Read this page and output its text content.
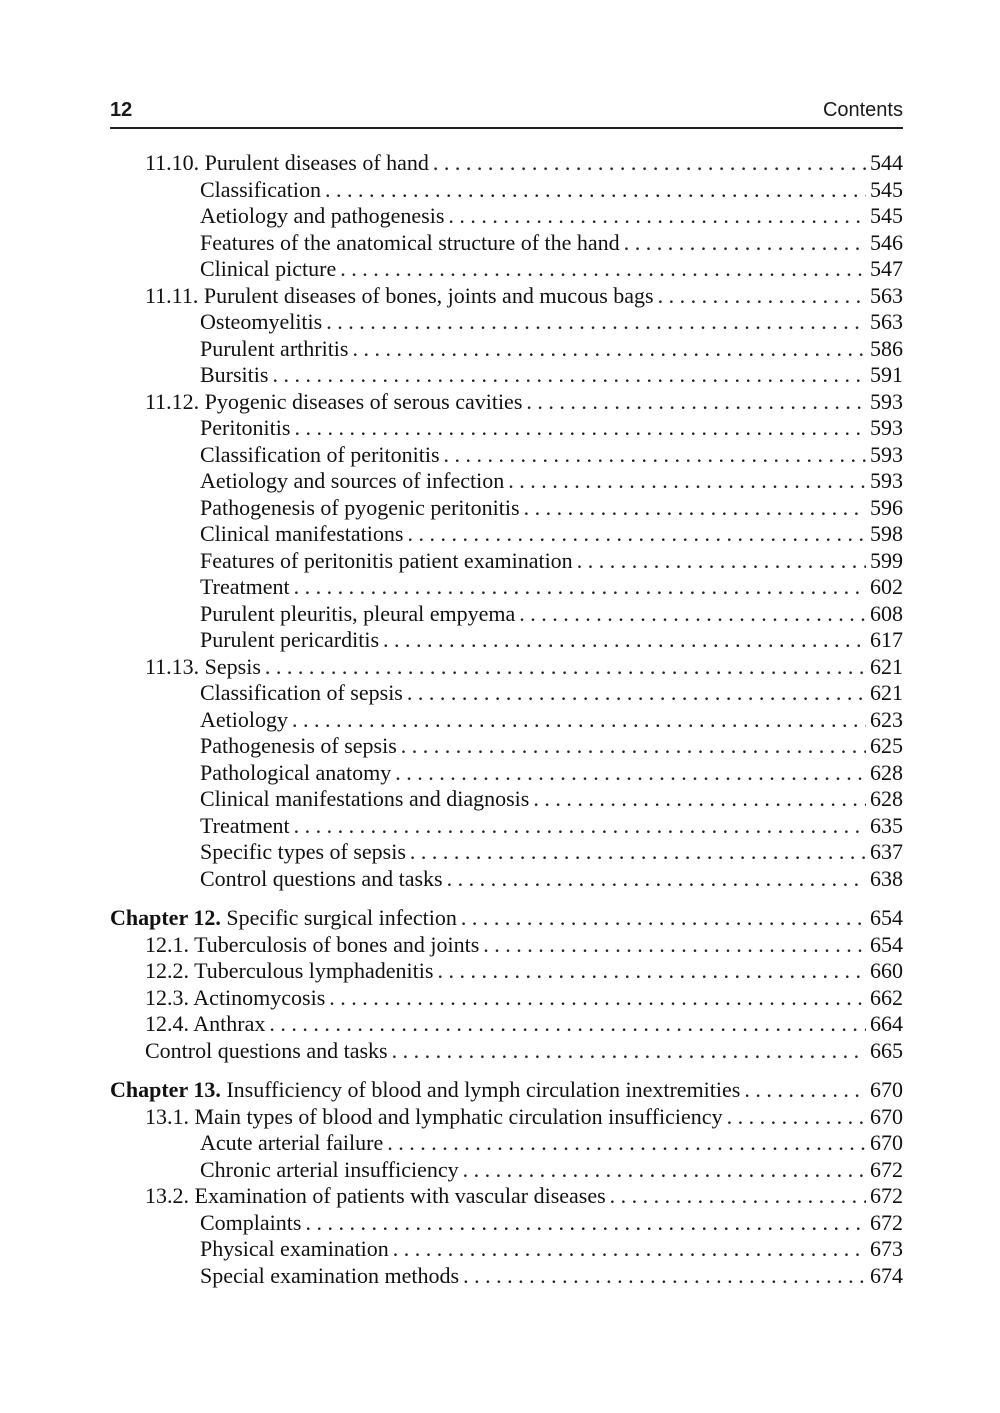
12	Contents
11.10. Purulent diseases of hand . . .	544
Classification . . .	545
Aetiology and pathogenesis . . .	545
Features of the anatomical structure of the hand . . .	546
Clinical picture . . .	547
11.11. Purulent diseases of bones, joints and mucous bags . . .	563
Osteomyelitis . . .	563
Purulent arthritis . . .	586
Bursitis . . .	591
11.12. Pyogenic diseases of serous cavities . . .	593
Peritonitis . . .	593
Classification of peritonitis . . .	593
Aetiology and sources of infection . . .	593
Pathogenesis of pyogenic peritonitis . . .	596
Clinical manifestations . . .	598
Features of peritonitis patient examination . . .	599
Treatment . . .	602
Purulent pleuritis, pleural empyema . . .	608
Purulent pericarditis . . .	617
11.13. Sepsis . . .	621
Classification of sepsis . . .	621
Aetiology . . .	623
Pathogenesis of sepsis . . .	625
Pathological anatomy . . .	628
Clinical manifestations and diagnosis . . .	628
Treatment . . .	635
Specific types of sepsis . . .	637
Control questions and tasks . . .	638
Chapter 12. Specific surgical infection . . .	654
12.1. Tuberculosis of bones and joints . . .	654
12.2. Tuberculous lymphadenitis . . .	660
12.3. Actinomycosis . . .	662
12.4. Anthrax . . .	664
Control questions and tasks . . .	665
Chapter 13. Insufficiency of blood and lymph circulation inextremities . . .	670
13.1. Main types of blood and lymphatic circulation insufficiency . . .	670
Acute arterial failure . . .	670
Chronic arterial insufficiency . . .	672
13.2. Examination of patients with vascular diseases . . .	672
Complaints . . .	672
Physical examination . . .	673
Special examination methods . . .	674
